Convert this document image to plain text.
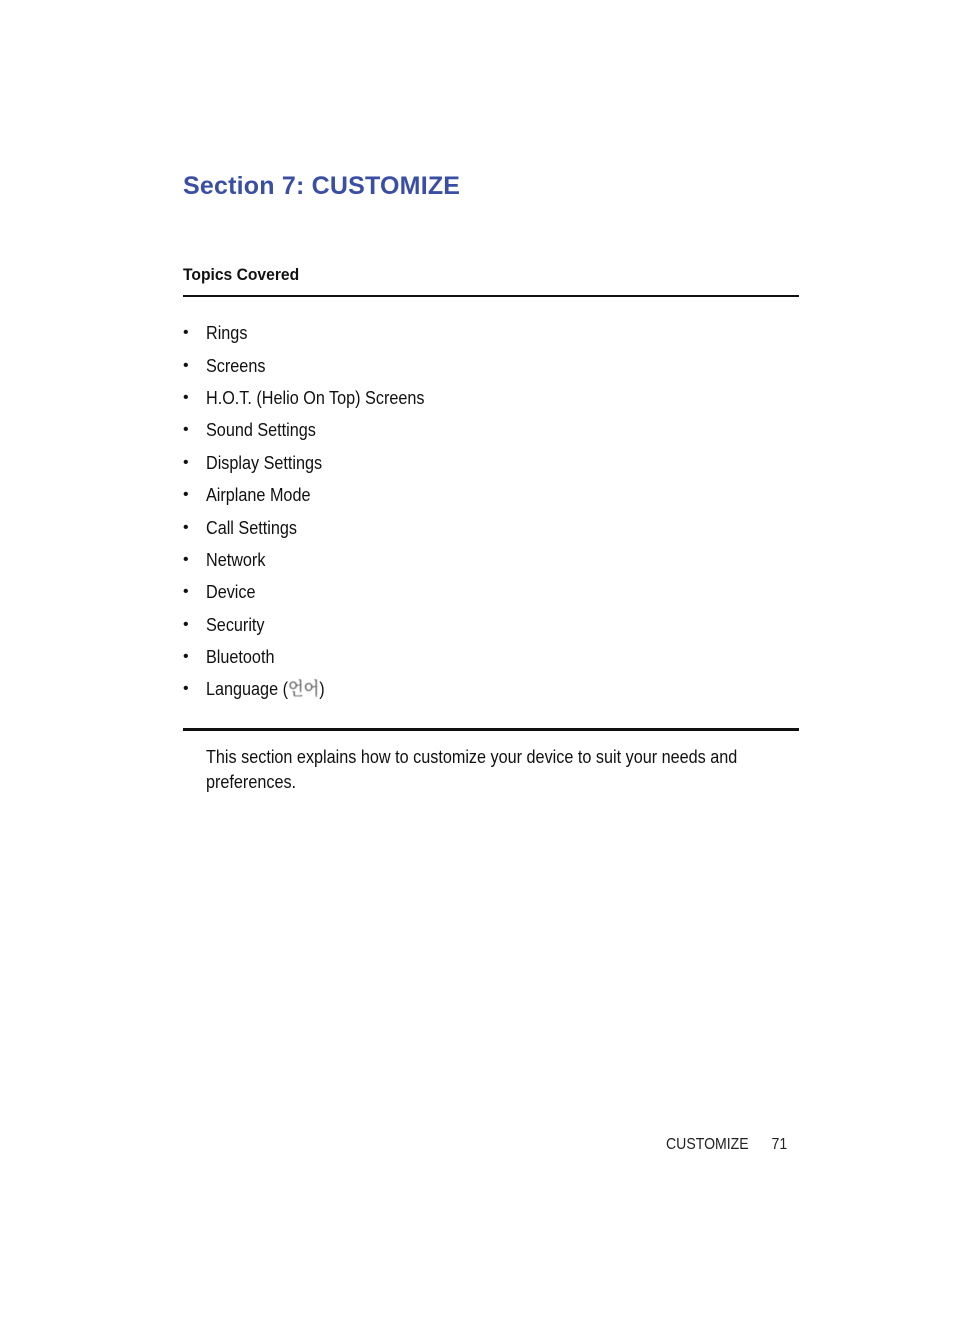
Section 7: CUSTOMIZE
Topics Covered
• Rings
• Screens
• H.O.T. (Helio On Top) Screens
• Sound Settings
• Display Settings
• Airplane Mode
• Call Settings
• Network
• Device
• Security
• Bluetooth
• Language (언어)

This section explains how to customize your device to suit your needs and preferences.

CUSTOMIZE 71
